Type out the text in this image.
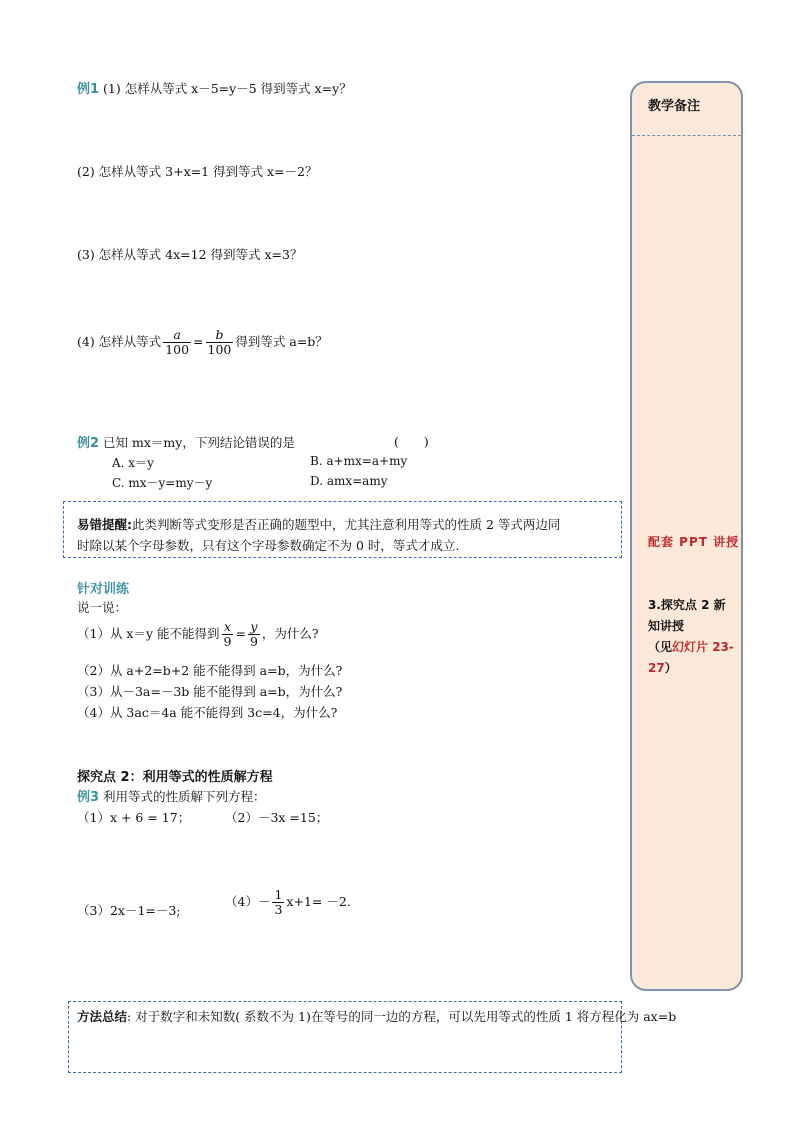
教学备注
配套 PPT 讲授
3.探究点 2 新知讲授
（见幻灯片 23-27）
例1 (1) 怎样从等式 x－5=y－5 得到等式 x=y？
(2) 怎样从等式 3+x=1 得到等式 x=－2？
(3) 怎样从等式 4x=12 得到等式 x=3？
(4) 怎样从等式 $\frac{a}{100} = \frac{b}{100}$ 得到等式 a=b？
例2 已知 mx＝my，下列结论错误的是	(　　)
A. x＝y	B. a+mx=a+my
C. mx－y=my－y	D. amx=amy
易错提醒:此类判断等式变形是否正确的题型中，尤其注意利用等式的性质 2 等式两边同
时除以某个字母参数，只有这个字母参数确定不为 0 时，等式才成立.
针对训练
说一说：
（1）从 x＝y 能不能得到 $\frac{x}{9} = \frac{y}{9}$ ，为什么?
（2）从 a+2=b+2 能不能得到 a=b，为什么?
（3）从－3a=－3b 能不能得到 a=b，为什么?
（4）从 3ac＝4a 能不能得到 3c=4，为什么?
探究点 2：利用等式的性质解方程
例3 利用等式的性质解下列方程：
（1）x + 6 = 17；	（2）－3x =15；
（3）2x－1=－3;
$(4)- \frac{1}{3} x+1= -2$.
方法总结: 对于数字和未知数( 系数不为 1)在等号的同一边的方程，可以先用等式的性质 1 将方程化为 ax=b
